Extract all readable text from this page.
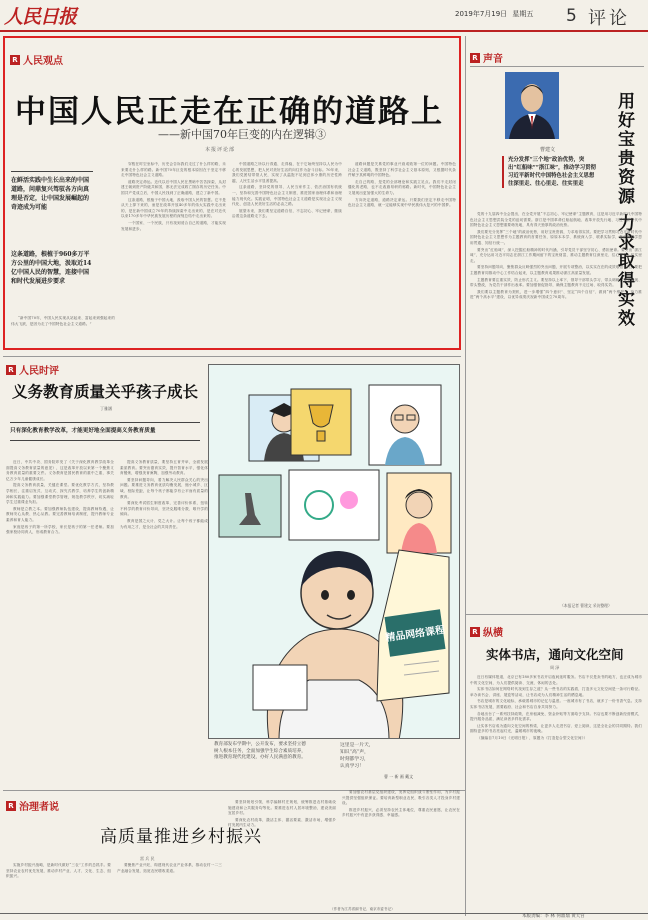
人民日报	2019年7月19日 星期五 5 评论
R 人民观点
中国人民正走在正确的道路上
——新中国70年巨变的内在逻辑③
本报评论部
在鲜活实践中生长出来的中国道路，问鼎复兴驾驭各方向真理是否定，让中国发展崛起的奇迹成为可能
这条道路，根植于960多万平方公里的中国大地，汲取近14亿中国人民的智慧，连接中国和时代发展进步要求

“新中国70年，中国人民实现从站起来、富起来到强起来的伟大飞跃，是因为走了中国特色社会主义道路。”

穿梭在时空坐标中，历史会告诉我们走过了什么样的路，未来要走什么样的路。新中国70年巨变的根本原因在于坚定不移走中国特色社会主义道路。

道路决定命运。近代以后中国人民在黑暗中苦苦探索，从封建王朝到资产阶级共和国，都无法完成救亡图存的历史任务。中国共产党成立后，中国人民找到了正确道路，建立了新中国。

这条道路，根植于中国大地，汲取中国人民的智慧。它不是从天上掉下来的，而是在改革开放40多年的伟大实践中走出来的，是在新中国成立70年的持续探索中走出来的，是在对近代以来170多年中华民族发展历程的深刻总结中走出来的。

一个国家、一个民族，只有找到适合自己的道路，才能实现发展和进步。

中国道路之所以行得通、走得稳，在于它始终坚持以人民为中心的发展思想，把人民对美好生活的向往作为奋斗目标。70年来，我们党团结带领人民，实现了从温饱不足到总体小康的历史性跨越，人民生活水平显著提高。

这条道路，坚持党的领导、人民当家作主、依法治国有机统一，坚持和完善中国特色社会主义制度，推进国家治理体系和治理能力现代化。实践证明，中国特色社会主义道路是实现社会主义现代化、创造人民美好生活的必由之路。

展望未来，我们要坚定道路自信，不忘初心、牢记使命，继续沿着这条道路走下去。

道路问题是关系党的事业兴衰成败第一位的问题。中国特色社会主义道路，既坚持了科学社会主义基本原则，又根据时代条件赋予其鲜明的中国特色。

走自己的路，是党的全部理论和实践立足点。我们不走封闭僵化的老路，也不走改旗易帜的邪路。新时代，中国特色社会主义展现出更加强大的生命力。

方向决定道路，道路决定命运。只要我们坚定不移走中国特色社会主义道路，就一定能够实现中华民族伟大复兴的中国梦。

R 声音
曹建文
充分发挥“三个地”政治优势，突出“红船味”“浙江味”，推动学习贯彻习近平新时代中国特色社会主义思想往深里走、往心里走、往实里走	用好宝贵资源 力求取得实效

党的十九届四中全会提出，在全党开展“不忘初心、牢记使命”主题教育，这是用习近平新时代中国特色社会主义思想武装全党的迫切需要。浙江是中国革命红船起航地、改革开放先行地、习近平新时代中国特色社会主义思想重要萌发地，具有得天独厚的政治优势。

我们要充分发挥“三个地”的政治优势，用好宝贵资源，力求取得实效。要把学习贯彻习近平新时代中国特色社会主义思想作为主题教育的首要任务，原原本本学、系统深入学、联系实际学，真正做到学思用贯通、知信行统一。

要突出“红船味”，深入挖掘红船精神的时代内涵，引导党员干部坚守初心、勇担使命。要突出“浙江味”，充分运用习近平同志在浙江工作期间留下的宝贵财富，推动主题教育往深里走、往心里走、往实里走。

要坚持问题导向，聚焦群众反映强烈的突出问题，开展专项整治，以实实在在的成效取信于民。要把主题教育同推动中心工作结合起来，以主题教育成果推动浙江高质量发展。

主题教育要注重实效，防止形式主义。要坚持以上率下，领导干部带头学习、带头调研、带头检视、带头整改，为党员干部作出表率。要加强督促指导，确保主题教育不走过场、取得实效。

我们要以主题教育为契机，进一步增强“四个意识”、坚定“四个自信”、做到“两个维护”，奋力推进“两个高水平”建设，以优异成绩庆祝新中国成立70周年。

（本报记者 曹建文 采访整理）
R 纵横
实体书店，通向文化空间
周 泽

近日有媒体报道，北京已有180多家书店开启夜间延时服务。书店不仅是卖书的地方，也正成为城市中的文化空间，为人们提供阅读、交流、休闲的去处。

实体书店如何在网络时代找到生存之道？从一些书店的实践看，打造多元文化空间是一条可行路径。举办读书会、讲座、展览等活动，让书店成为人们精神生活的栖息地。

书店是城市的文化地标，承载着城市的记忆与温度。一座城市有了书店，就多了一份书香气息。支持实体书店发展，需要政府、社会和书店自身共同努力。

各地出台了一系列扶持政策，在房租减免、资金补贴等方面给予支持。书店也要不断创新经营模式，提升服务品质，满足读者多样化需求。

让实体书店成为通向文化空间的桥梁，让更多人走进书店、爱上阅读，这是全社会的共同期待。我们期待更多的书店亮起灯光，温暖城市的夜晚。

（摘编自7月10日《光明日报》，原题为《打造复合型文化空间》）

R 人民时评
义务教育质量关乎孩子成长
丁雅涵
只有深化教育教学改革，才能更好地全面提高义务教育质量

近日，中共中央、国务院印发了《关于深化教育教学改革全面提高义务教育质量的意见》，这是改革开放以来第一个聚焦义务教育质量的重要文件。义务教育是国民教育的重中之重，事关亿万少年儿童健康成长。

提高义务教育质量，关键在课堂。要优化教学方式，坚持教学相长，注重启发式、互动式、探究式教学，培养学生的创新精神和实践能力。要加强课堂教学管理，规范教学秩序，切实减轻学生过重课业负担。

教师是立教之本。要加强教师队伍建设，提高教师待遇，让教师安心从教、热心从教。要完善教师培训制度，提升教师专业素养和育人能力。

家庭是孩子的第一所学校，家长是孩子的第一任老师。要加强家校协同育人，形成教育合力。

提高义务教育质量，要坚持五育并举，全面发展素质教育。要突出德育实效，提升智育水平，强化体育锻炼，增强美育熏陶，加强劳动教育。

要坚持问题导向，着力解决人民群众关心的突出问题。要推进义务教育优质均衡发展，缩小城乡、区域、校际差距，让每个孩子都能享有公平而有质量的教育。

要深化考试招生制度改革，完善评价体系，扭转不科学的教育评价导向，坚决克服唯分数、唯升学的倾向。

教育是国之大计、党之大计。让每个孩子都能成为有用之才，是全社会的共同责任。

精品网络课程
教育部发布学期中，公开发布，要求坚持立德树人根本任务，全面加强学生综合素质培养，推进教育现代化建设，办好人民满意的教育。
这里是一片天，
知识“高”声，
时刻都学习，
认真学习！
曹 一 新 画 戴文
R 治理者说
高质量推进乡村振兴
雷 兵 民

实施乡村振兴战略，是新时代做好“三农”工作的总抓手。要坚持农业农村优先发展，推动乡村产业、人才、文化、生态、组织振兴。

要聚焦产业兴旺，构建现代农业产业体系，推动农村一二三产业融合发展，拓宽农民增收渠道。

要坚持规划引领，科学编制村庄规划，统筹推进农村基础设施建设和公共服务均等化。要推进农村人居环境整治，建设美丽宜居乡村。

要深化农村改革，激活主体、激活要素、激活市场，增强乡村发展内生动力。

要加强农村基层党组织建设，发挥党组织战斗堡垒作用，为乡村振兴提供坚强组织保证。要培育新型职业农民，吸引各类人才投身乡村建设。

推进乡村振兴，必须坚持农民主体地位，尊重农民意愿，让农民在乡村振兴中有更多获得感、幸福感。

（作者为江苏省副书记、南京市委书记）
本版责编：李 林 何鼎鼎 黄天宫
